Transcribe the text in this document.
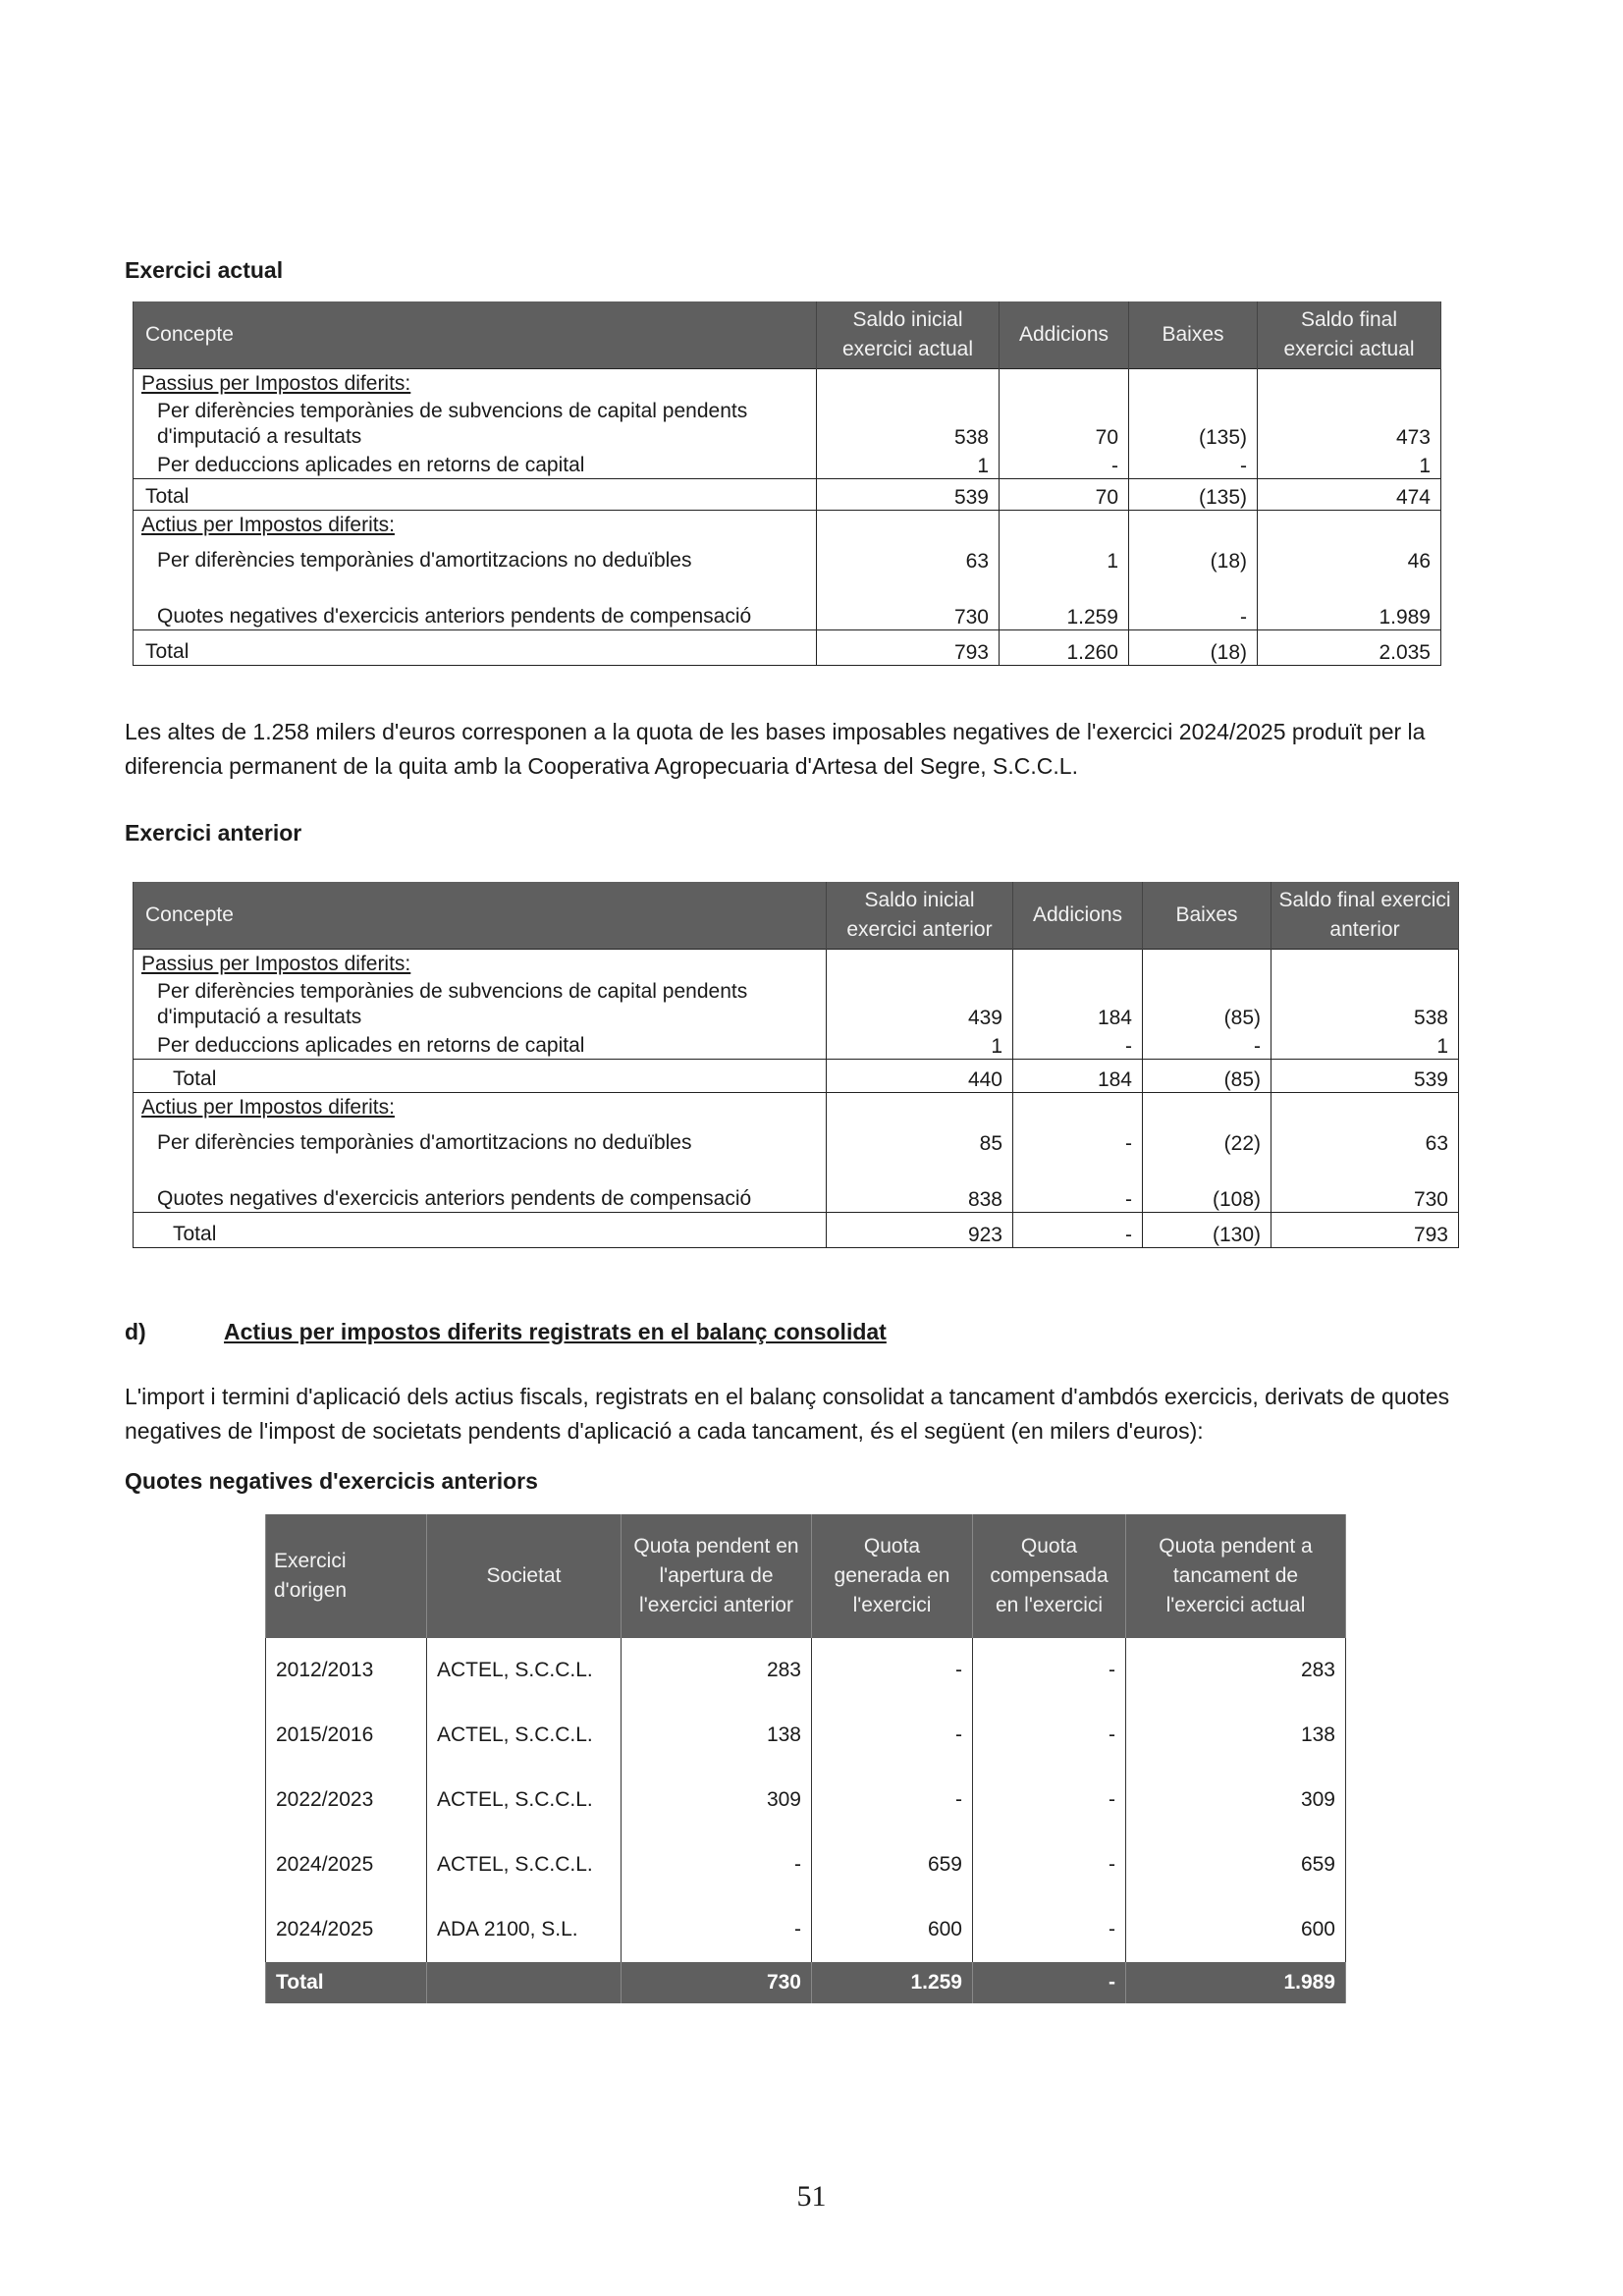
Exercici actual
Concepte	Saldo inicial exercici actual	Addicions	Baixes	Saldo final exercici actual
Passius per Impostos diferits:				
Per diferències temporànies de subvencions de capital pendents d'imputació a resultats	538	70	(135)	473
Per deduccions aplicades en retorns de capital	1	-	-	1
Total	539	70	(135)	474
Actius per Impostos diferits:				
Per diferències temporànies d'amortitzacions no deduïbles	63	1	(18)	46
Quotes negatives d'exercicis anteriors pendents de compensació	730	1.259	-	1.989
Total	793	1.260	(18)	2.035

Les altes de 1.258 milers d'euros corresponen a la quota de les bases imposables negatives de l'exercici 2024/2025 produït per la diferencia permanent de la quita amb la Cooperativa Agropecuaria d'Artesa del Segre, S.C.C.L.

Exercici anterior
Concepte	Saldo inicial exercici anterior	Addicions	Baixes	Saldo final exercici anterior
Passius per Impostos diferits:				
Per diferències temporànies de subvencions de capital pendents d'imputació a resultats	439	184	(85)	538
Per deduccions aplicades en retorns de capital	1	-	-	1
Total	440	184	(85)	539
Actius per Impostos diferits:				
Per diferències temporànies d'amortitzacions no deduïbles	85	-	(22)	63
Quotes negatives d'exercicis anteriors pendents de compensació	838	-	(108)	730
Total	923	-	(130)	793
d)	Actius per impostos diferits registrats en el balanç consolidat

L'import i termini d'aplicació dels actius fiscals, registrats en el balanç consolidat a tancament d'ambdós exercicis, derivats de quotes negatives de l'impost de societats pendents d'aplicació a cada tancament, és el següent (en milers d'euros):

Quotes negatives d'exercicis anteriors
Exercici d'origen	Societat	Quota pendent en l'apertura de l'exercici anterior	Quota generada en l'exercici	Quota compensada en l'exercici	Quota pendent a tancament de l'exercici actual
2012/2013	ACTEL, S.C.C.L.	283	-	-	283
2015/2016	ACTEL, S.C.C.L.	138	-	-	138
2022/2023	ACTEL, S.C.C.L.	309	-	-	309
2024/2025	ACTEL, S.C.C.L.	-	659	-	659
2024/2025	ADA 2100, S.L.	-	600	-	600
Total		730	1.259	-	1.989
51
